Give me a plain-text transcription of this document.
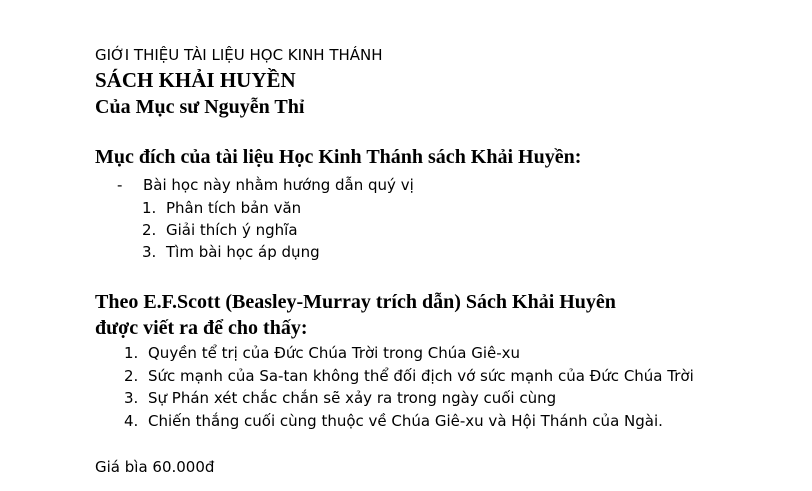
GIỚI THIỆU TÀI LIỆU HỌC KINH THÁNH
SÁCH KHẢI HUYỀN
Của Mục sư Nguyễn Thỉ
Mục đích của tài liệu Học Kinh Thánh sách Khải Huyền:
- Bài học này nhằm hướng dẫn quý vị
1. Phân tích bản văn
2. Giải thích ý nghĩa
3. Tìm bài học áp dụng
Theo E.F.Scott (Beasley-Murray trích dẫn) Sách Khải Huyên
được viết ra để cho thấy:
1. Quyền tể trị của Đức Chúa Trời trong Chúa Giê-xu
2. Sức mạnh của Sa-tan không thể đối địch vớ sức mạnh của Đức Chúa Trời
3. Sự Phán xét chắc chắn sẽ xảy ra trong ngày cuối cùng
4. Chiến thắng cuối cùng thuộc về Chúa Giê-xu và Hội Thánh của Ngài.
Giá bìa 60.000đ
